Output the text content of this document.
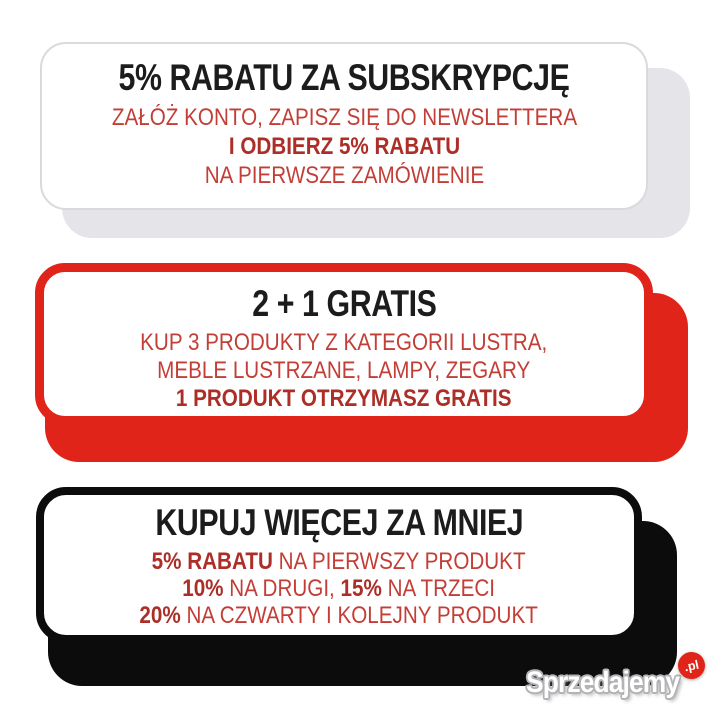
5% RABATU ZA SUBSKRYPCJĘ

ZAŁÓŻ KONTO, ZAPISZ SIĘ DO NEWSLETTERA

I ODBIERZ 5% RABATU

NA PIERWSZE ZAMÓWIENIE

2 + 1 GRATIS

KUP 3 PRODUKTY Z KATEGORII LUSTRA,

MEBLE LUSTRZANE, LAMPY, ZEGARY

1 PRODUKT OTRZYMASZ GRATIS

KUPUJ WIĘCEJ ZA MNIEJ

5% RABATU NA PIERWSZY PRODUKT

10% NA DRUGI, 15% NA TRZECI

20% NA CZWARTY I KOLEJNY PRODUKT

Sprzedajemy
.pl
